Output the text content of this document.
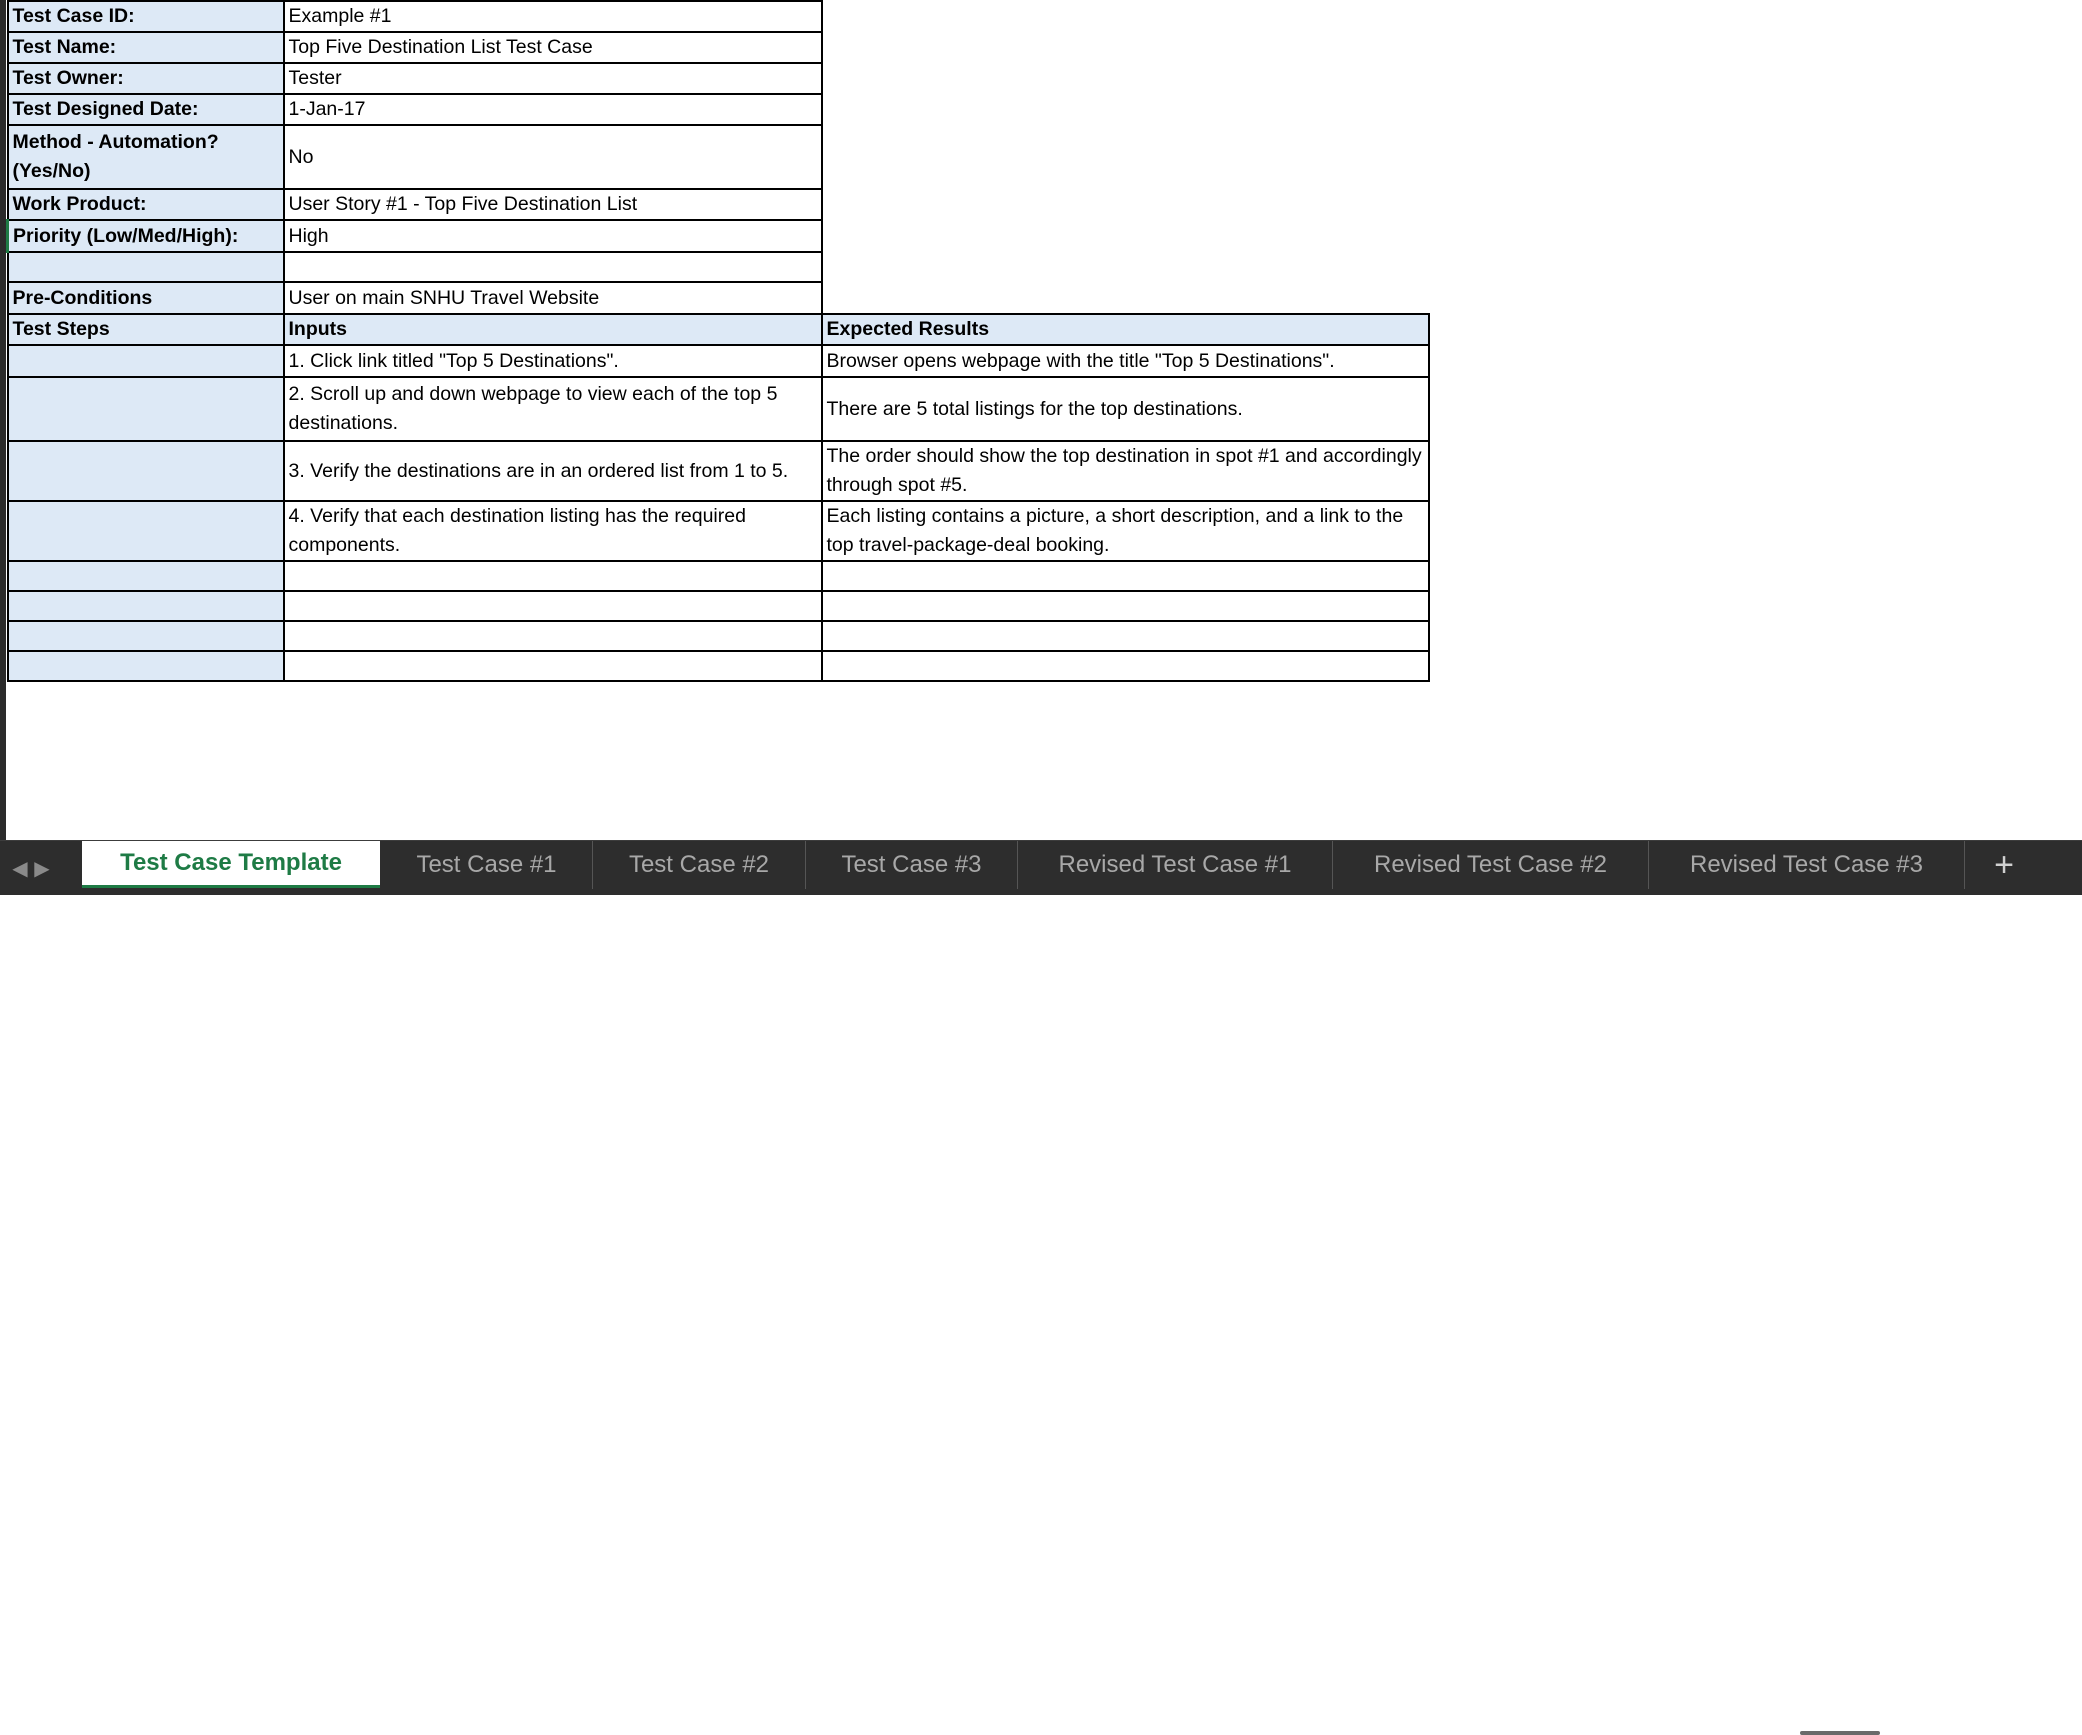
Test Case ID:	Example #1	
Test Name:	Top Five Destination List Test Case	
Test Owner:	Tester	
Test Designed Date:	1-Jan-17	
Method - Automation? (Yes/No)	No	
Work Product:	User Story #1 - Top Five Destination List	
Priority (Low/Med/High):	High	

Pre-Conditions	User on main SNHU Travel Website	
Test Steps	Inputs	Expected Results
	1. Click link titled "Top 5 Destinations".	Browser opens webpage with the title "Top 5 Destinations".
	2. Scroll up and down webpage to view each of the top 5 destinations.	There are 5 total listings for the top destinations.
	3. Verify the destinations are in an ordered list from 1 to 5.	The order should show the top destination in spot #1 and accordingly through spot #5.
	4. Verify that each destination listing has the required components.	Each listing contains a picture, a short description, and a link to the top travel-package-deal booking.

◀ ▶	Test Case Template	Test Case #1	Test Case #2	Test Case #3	Revised Test Case #1	Revised Test Case #2	Revised Test Case #3	+
